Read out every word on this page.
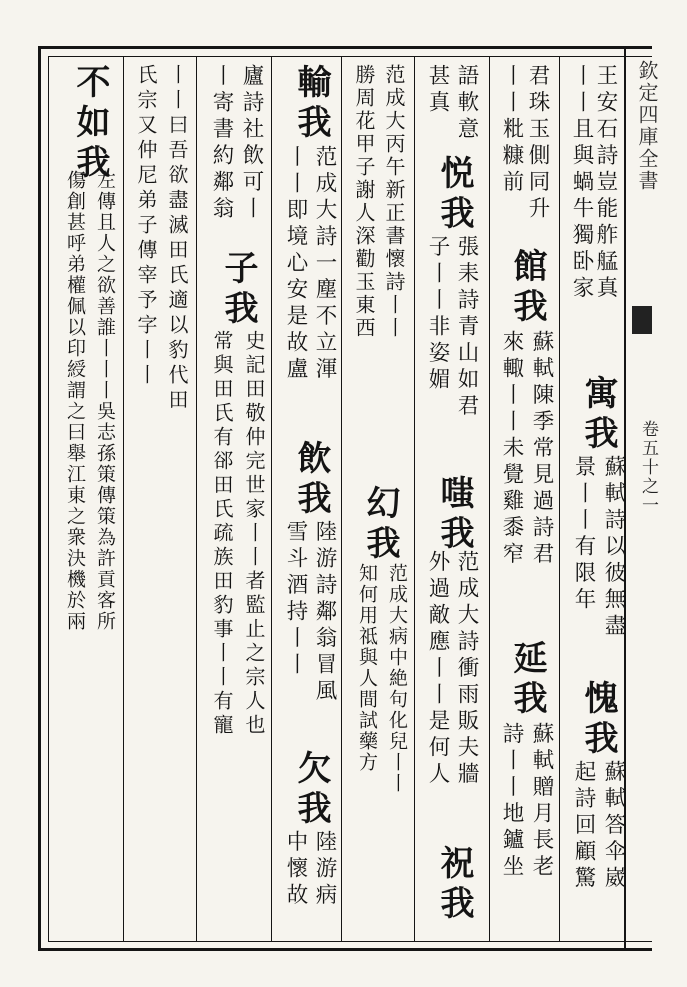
欽定四庫全書
卷五十之一
王安石詩豈能舴艋真
丨丨且與蝸牛獨卧家
寓我
蘇軾詩以彼無盡
景丨丨有限年
愧我
蘇軾答伞崴
起詩回顧驚
君珠玉側同升
丨丨粃糠前
館我
蘇軾陳季常見過詩君
來輙丨丨未覺雞黍窄
延我
蘇軾贈月長老
詩丨丨地鑪坐
語軟意
悦我
張耒詩青山如君
子丨丨非姿媚
嗤我
范成大詩衝雨販夫牆
外過敵應丨丨是何人
祝我
范成大丙午新正書懷詩丨丨
勝周花甲子謝人深勸玉東西
幻我
范成大病中絶句化兒丨丨
知何用祗與人間試藥方
輸我
范成大詩一塵不立渾
丨丨即境心安是故盧
飲我
陸游詩鄰翁冒風
雪斗酒持丨丨
欠我
陸游病
中懷故
廬詩社飲可丨
丨寄書約鄰翁
子我
史記田敬仲完世家丨丨者監止之宗人也
常與田氏有郤田氏疏族田豹事丨丨有寵
丨丨曰吾欲盡滅田氏適以豹代田
氏宗又仲尼弟子傳宰予字丨丨
不如我
左傳且人之欲善誰丨丨丨吳志孫策傳策為許貢客所
傷創甚呼弟權佩以印綬謂之曰舉江東之衆決機於兩
甚真
